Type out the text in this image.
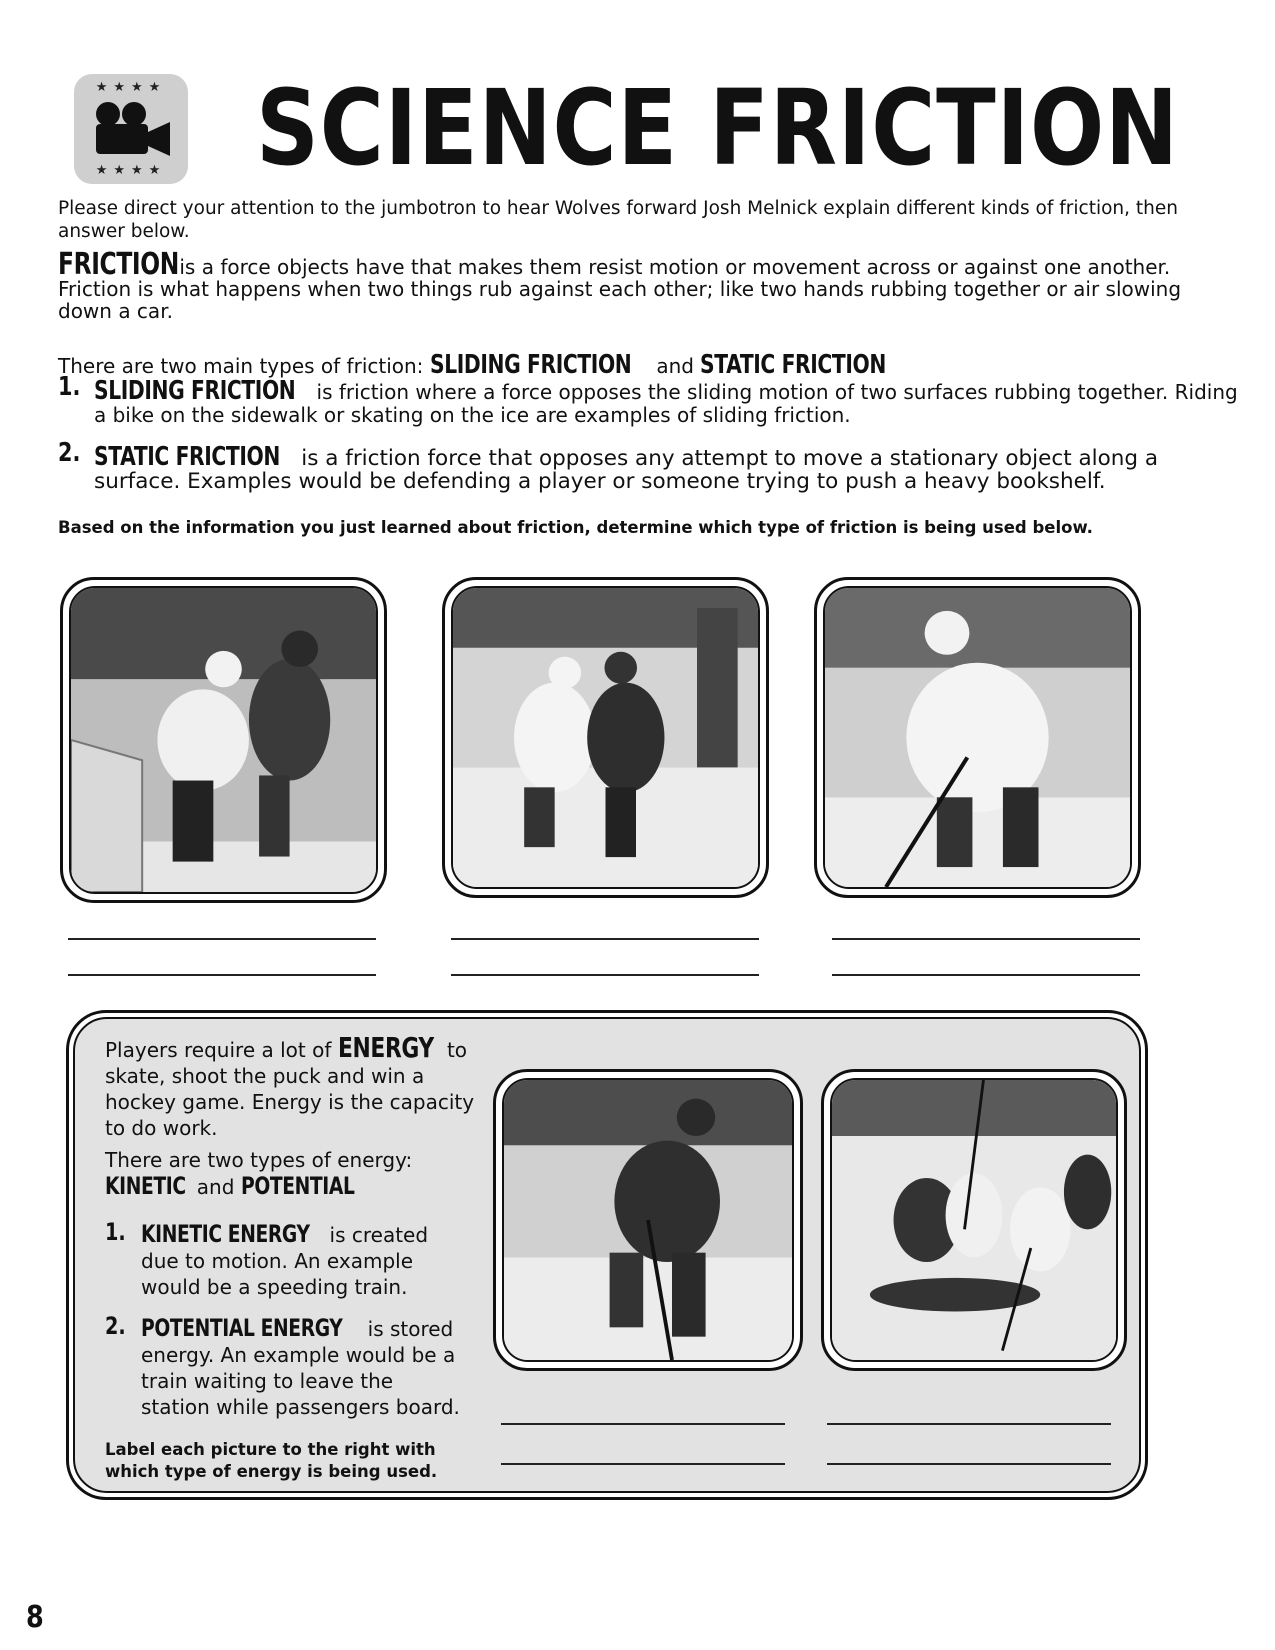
★★★★
★★★★ SCIENCE FRICTION

Please direct your attention to the jumbotron to hear Wolves forward Josh Melnick explain different kinds of friction, then answer below.

FRICTION is a force objects have that makes them resist motion or movement across or against one another. Friction is what happens when two things rub against each other; like two hands rubbing together or air slowing down a car.

There are two main types of friction: SLIDING FRICTION and STATIC FRICTION

1. SLIDING FRICTION is friction where a force opposes the sliding motion of two surfaces rubbing together. Riding a bike on the sidewalk or skating on the ice are examples of sliding friction.

2. STATIC FRICTION is a friction force that opposes any attempt to move a stationary object along a surface. Examples would be defending a player or someone trying to push a heavy bookshelf.

Based on the information you just learned about friction, determine which type of friction is being used below.

Players require a lot of ENERGY to skate, shoot the puck and win a hockey game. Energy is the capacity to do work.

There are two types of energy:
KINETIC and POTENTIAL

1. KINETIC ENERGY is created due to motion. An example would be a speeding train.

2. POTENTIAL ENERGY is stored energy. An example would be a train waiting to leave the station while passengers board.

Label each picture to the right with which type of energy is being used.

8
